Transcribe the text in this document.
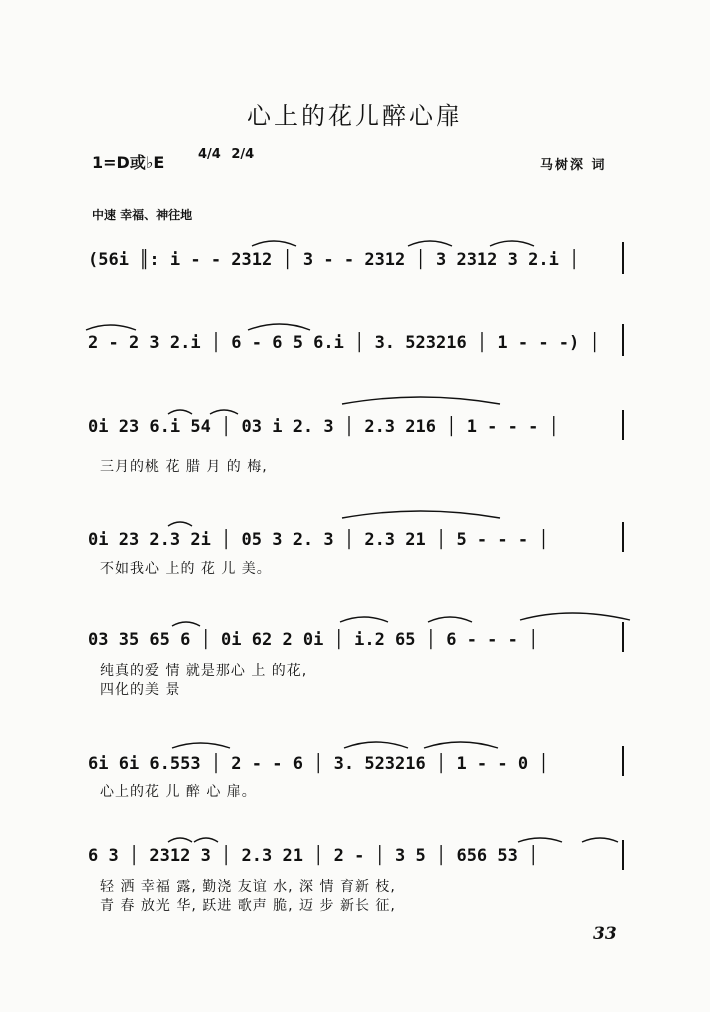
心上的花儿醉心扉
1=D或♭E	4/4 2/4
马树深 词
中速 幸福、神往地
(56i ║: i - - 2312 │ 3 - - 2312 │ 3 2312 3 2.i │
2 - 2 3 2.i │ 6 - 6 5 6.i │ 3. 523216 │ 1 - - -) │
0i 23 6.i 54 │ 03 i 2. 3 │ 2.3 216 │ 1 - - - │
三月的桃 花 腊 月 的 梅,
0i 23 2.3 2i │ 05 3 2. 3 │ 2.3 21 │ 5 - - - │
不如我心 上的 花 儿 美。
03 35 65 6 │ 0i 62 2 0i │ i.2 65 │ 6 - - - │
纯真的爱 情 就是那心 上 的花,
四化的美 景
6i 6i 6.553 │ 2 - - 6 │ 3. 523216 │ 1 - - 0 │
心上的花 儿 醉 心 扉。
6 3 │ 2312 3 │ 2.3 21 │ 2 - │ 3 5 │ 656 53 │
轻 洒 幸福 露, 勤浇 友谊 水, 深 情 育新 枝,
青 春 放光 华, 跃进 歌声 脆, 迈 步 新长 征,
33
